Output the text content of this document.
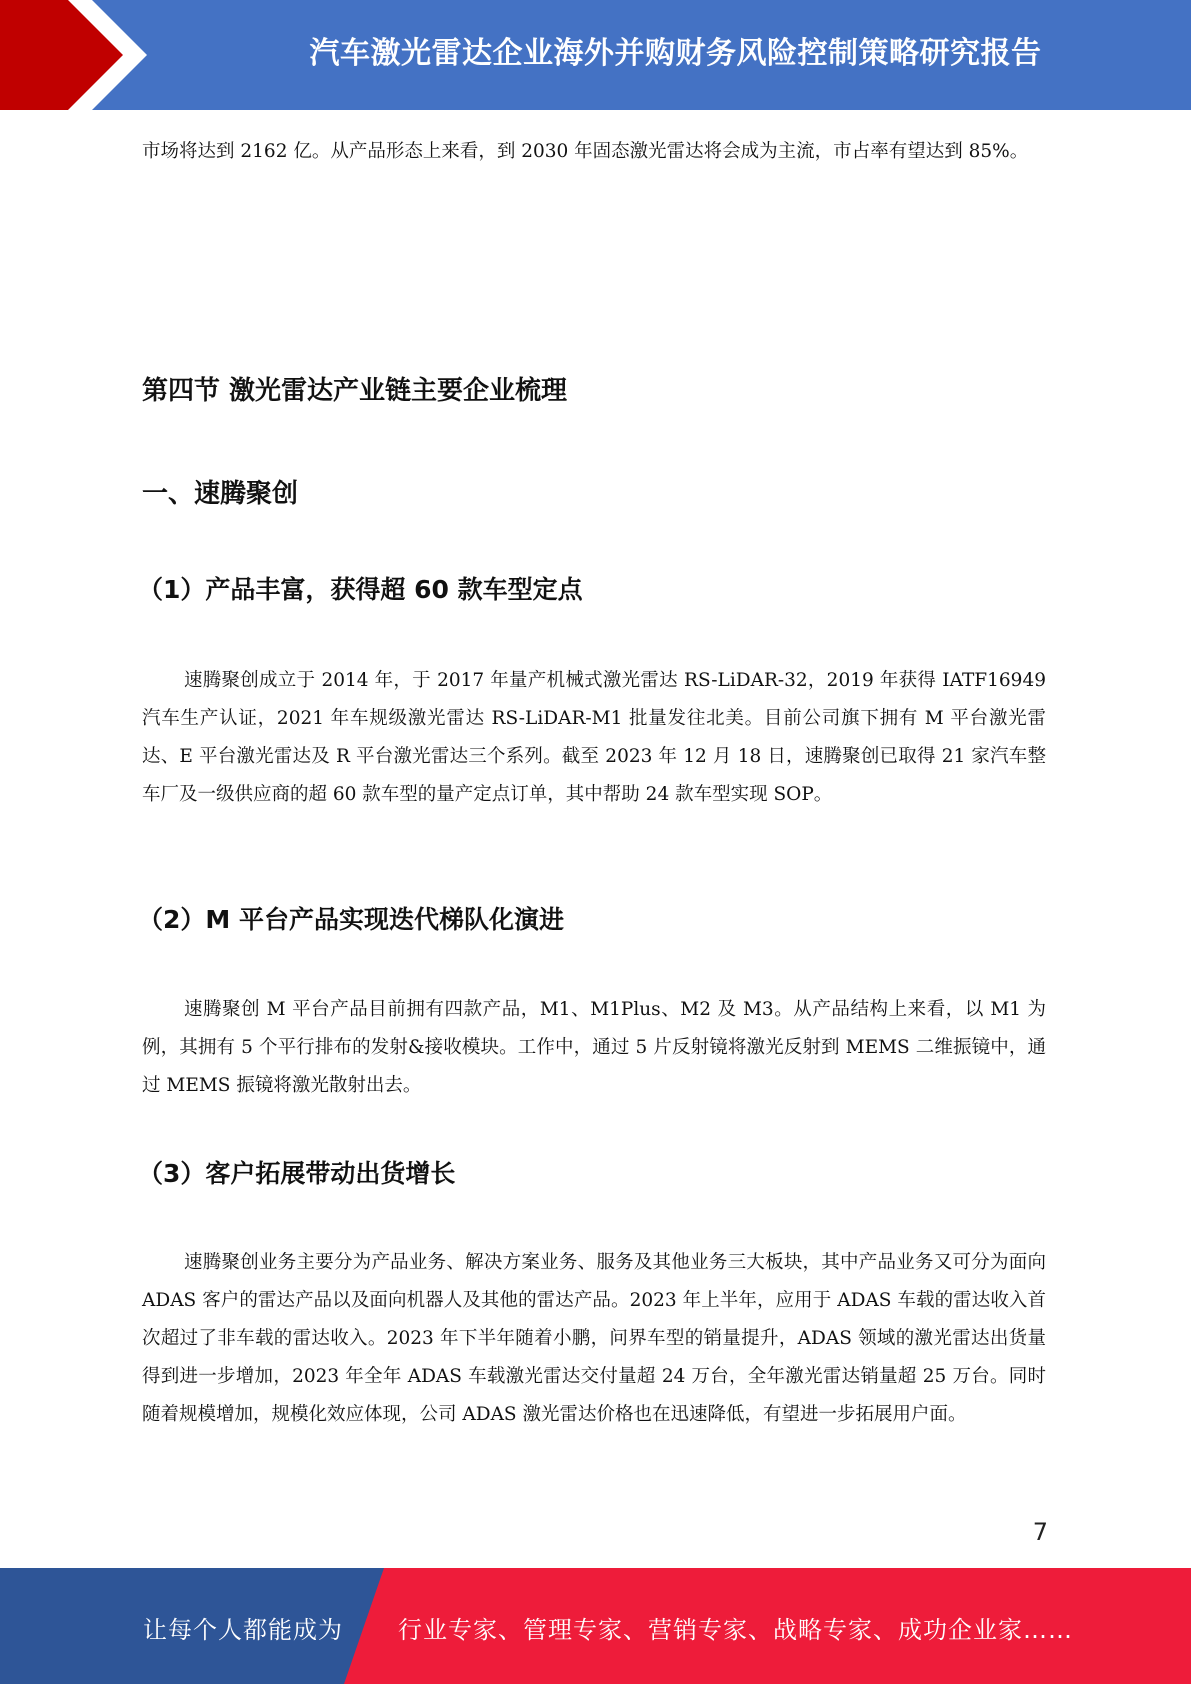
汽车激光雷达企业海外并购财务风险控制策略研究报告

市场将达到 2162 亿。从产品形态上来看，到 2030 年固态激光雷达将会成为主流，市占率有望达到 85%。

第四节 激光雷达产业链主要企业梳理
一、速腾聚创
（1）产品丰富，获得超 60 款车型定点

速腾聚创成立于 2014 年，于 2017 年量产机械式激光雷达 RS-LiDAR-32，2019 年获得 IATF16949 汽车生产认证，2021 年车规级激光雷达 RS-LiDAR-M1 批量发往北美。目前公司旗下拥有 M 平台激光雷达、E 平台激光雷达及 R 平台激光雷达三个系列。截至 2023 年 12 月 18 日，速腾聚创已取得 21 家汽车整车厂及一级供应商的超 60 款车型的量产定点订单，其中帮助 24 款车型实现 SOP。

（2）M 平台产品实现迭代梯队化演进

速腾聚创 M 平台产品目前拥有四款产品，M1、M1Plus、M2 及 M3。从产品结构上来看，以 M1 为例，其拥有 5 个平行排布的发射&接收模块。工作中，通过 5 片反射镜将激光反射到 MEMS 二维振镜中，通过 MEMS 振镜将激光散射出去。

（3）客户拓展带动出货增长

速腾聚创业务主要分为产品业务、解决方案业务、服务及其他业务三大板块，其中产品业务又可分为面向 ADAS 客户的雷达产品以及面向机器人及其他的雷达产品。2023 年上半年，应用于 ADAS 车载的雷达收入首次超过了非车载的雷达收入。2023 年下半年随着小鹏，问界车型的销量提升，ADAS 领域的激光雷达出货量得到进一步增加，2023 年全年 ADAS 车载激光雷达交付量超 24 万台，全年激光雷达销量超 25 万台。同时随着规模增加，规模化效应体现，公司 ADAS 激光雷达价格也在迅速降低，有望进一步拓展用户面。

7
让每个人都能成为 行业专家、管理专家、营销专家、战略专家、成功企业家……
